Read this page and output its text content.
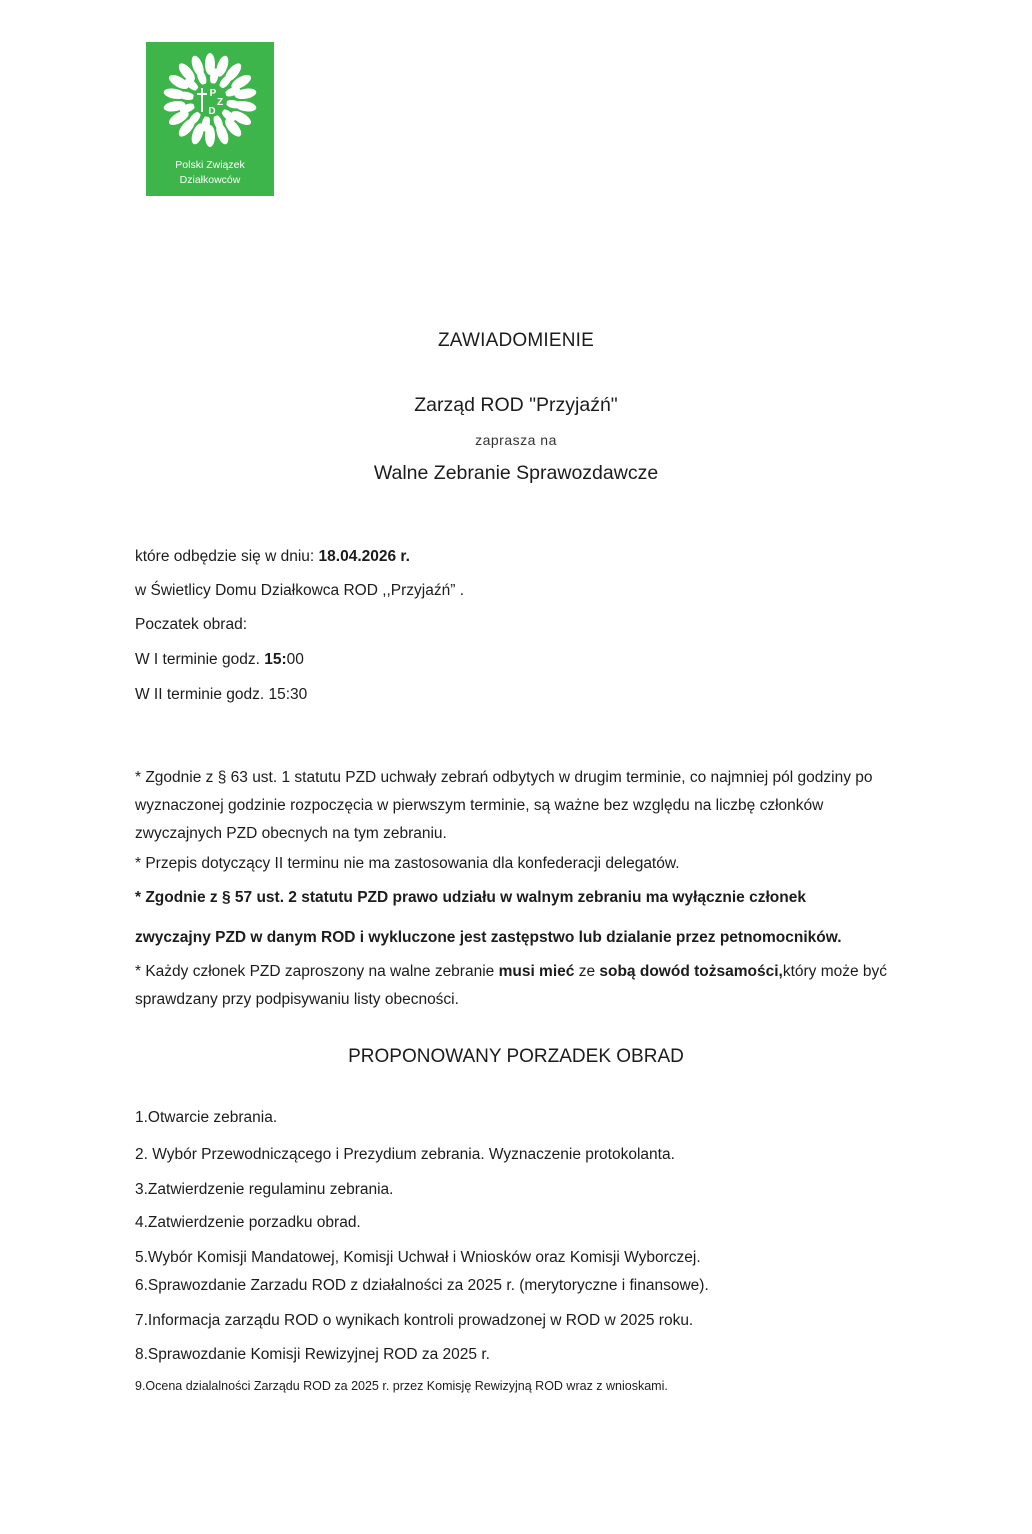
P
Z
D
Polski Związek
Działkowców
ZAWIADOMIENIE
Zarząd ROD "Przyjaźń"
zaprasza na
Walne Zebranie Sprawozdawcze
które odbędzie się w dniu: 18.04.2026 r.
w Świetlicy Domu Działkowca ROD ,,Przyjaźń” .
Poczatek obrad:
W I terminie godz. 15:00
W II terminie godz. 15:30
* Zgodnie z § 63 ust. 1 statutu PZD uchwały zebrań odbytych w drugim terminie, co najmniej pól godziny po wyznaczonej godzinie rozpoczęcia w pierwszym terminie, są ważne bez względu na liczbę członków zwyczajnych PZD obecnych na tym zebraniu.
* Przepis dotyczący II terminu nie ma zastosowania dla konfederacji delegatów.
* Zgodnie z § 57 ust. 2 statutu PZD prawo udziału w walnym zebraniu ma wyłącznie członek
zwyczajny PZD w danym ROD i wykluczone jest zastępstwo lub dzialanie przez petnomocników.
* Każdy członek PZD zaproszony na walne zebranie musi mieć ze sobą dowód tożsamości,który może być sprawdzany przy podpisywaniu listy obecności.
PROPONOWANY PORZADEK OBRAD
1.Otwarcie zebrania.
2. Wybór Przewodniczącego i Prezydium zebrania. Wyznaczenie protokolanta.
3.Zatwierdzenie regulaminu zebrania.
4.Zatwierdzenie porzadku obrad.
5.Wybór Komisji Mandatowej, Komisji Uchwał i Wniosków oraz Komisji Wyborczej.
6.Sprawozdanie Zarzadu ROD z działalności za 2025 r. (merytoryczne i finansowe).
7.Informacja zarządu ROD o wynikach kontroli prowadzonej w ROD w 2025 roku.
8.Sprawozdanie Komisji Rewizyjnej ROD za 2025 r.
9.Ocena dzialalności Zarządu ROD za 2025 r. przez Komisję Rewizyjną ROD wraz z wnioskami.
